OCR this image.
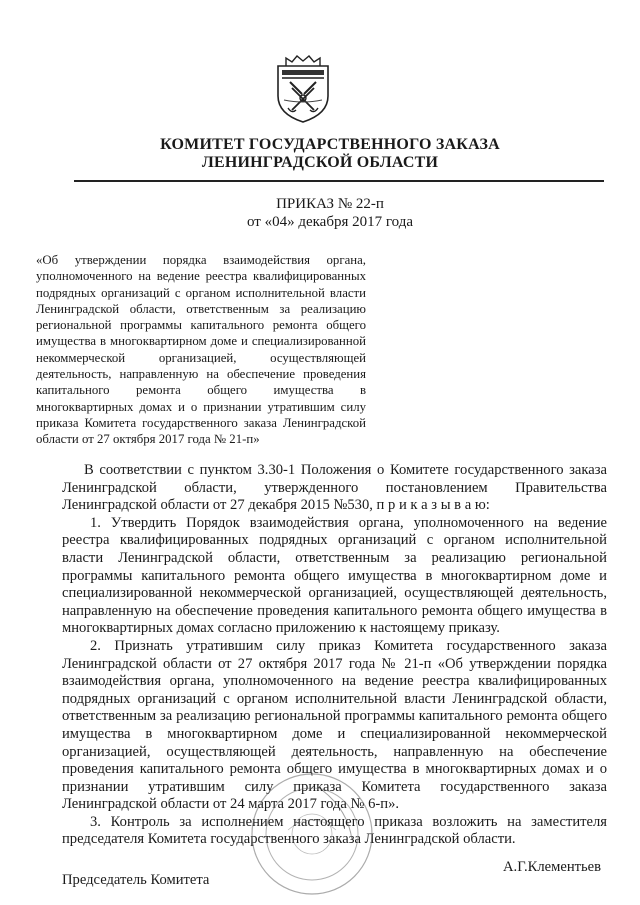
КОМИТЕТ ГОСУДАРСТВЕННОГО ЗАКАЗА
ЛЕНИНГРАДСКОЙ ОБЛАСТИ
ПРИКАЗ № 22-п
от «04» декабря 2017 года
«Об утверждении порядка взаимодействия органа, уполномоченного на ведение реестра квалифицированных подрядных организаций с органом исполнительной власти Ленинградской области, ответственным за реализацию региональной программы капитального ремонта общего имущества в многоквартирном доме и специализированной некоммерческой организацией, осуществляющей деятельность, направленную на обеспечение проведения капитального ремонта общего имущества в многоквартирных домах и о признании утратившим силу приказа Комитета государственного заказа Ленинградской области от 27 октября 2017 года № 21-п»

В соответствии с пунктом 3.30-1 Положения о Комитете государственного заказа Ленинградской области, утвержденного постановлением Правительства Ленинградской области от 27 декабря 2015 №530, п р и к а з ы в а ю:

1. Утвердить Порядок взаимодействия органа, уполномоченного на ведение реестра квалифицированных подрядных организаций с органом исполнительной власти Ленинградской области, ответственным за реализацию региональной программы капитального ремонта общего имущества в многоквартирном доме и специализированной некоммерческой организацией, осуществляющей деятельность, направленную на обеспечение проведения капитального ремонта общего имущества в многоквартирных домах согласно приложению к настоящему приказу.

2. Признать утратившим силу приказ Комитета государственного заказа Ленинградской области от 27 октября 2017 года № 21-п «Об утверждении порядка взаимодействия органа, уполномоченного на ведение реестра квалифицированных подрядных организаций с органом исполнительной власти Ленинградской области, ответственным за реализацию региональной программы капитального ремонта общего имущества в многоквартирном доме и специализированной некоммерческой организацией, осуществляющей деятельность, направленную на обеспечение проведения капитального ремонта общего имущества в многоквартирных домах и о признании утратившим силу приказа Комитета государственного заказа Ленинградской области от 24 марта 2017 года № 6-п».

3. Контроль за исполнением настоящего приказа возложить на заместителя председателя Комитета государственного заказа Ленинградской области.

А.Г.Клементьев
Председатель Комитета
